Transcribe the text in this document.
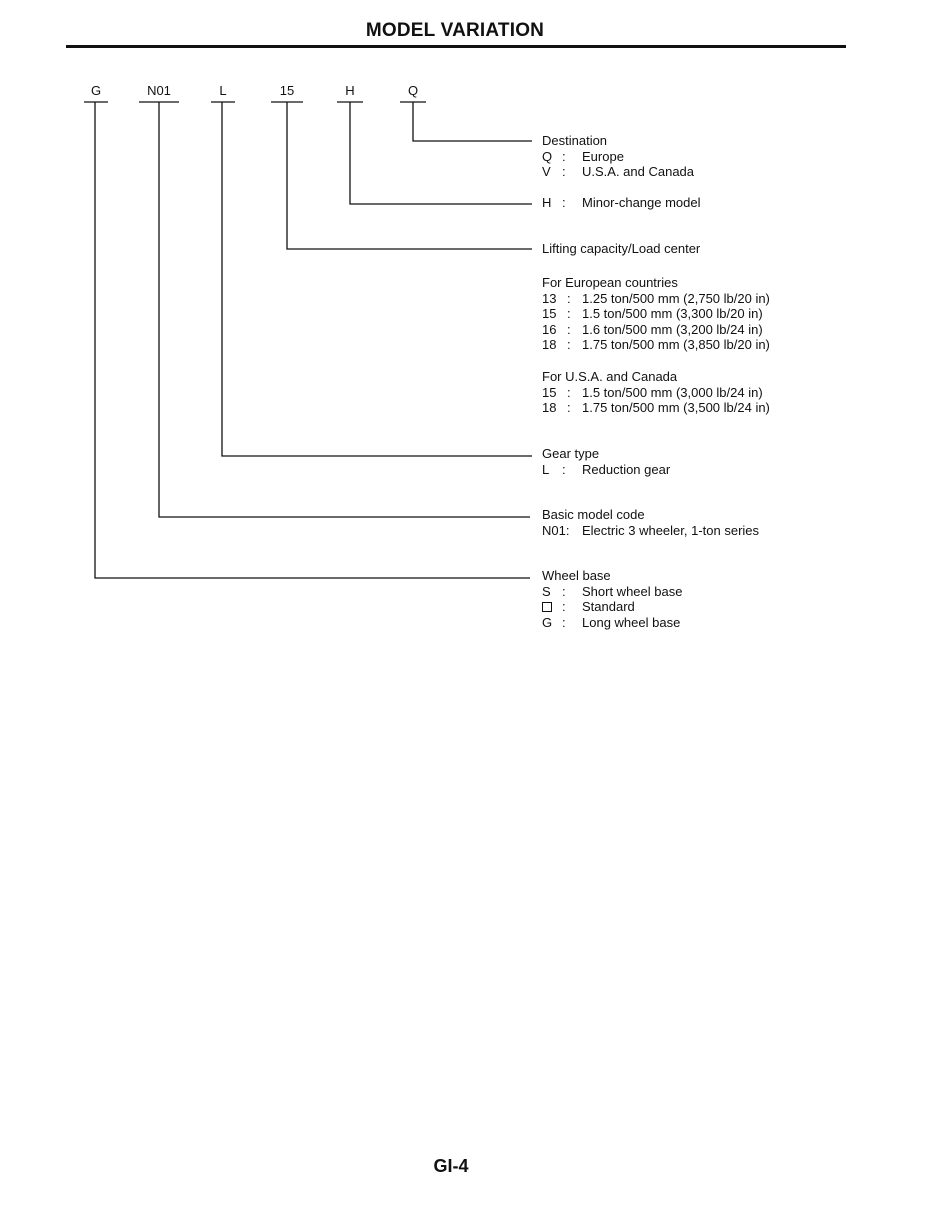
MODEL VARIATION
G	N01	L	15	H	Q
Destination
Q : Europe
V : U.S.A. and Canada
H : Minor-change model
Lifting capacity/Load center
For European countries
13 : 1.25 ton/500 mm (2,750 lb/20 in)
15 : 1.5 ton/500 mm (3,300 lb/20 in)
16 : 1.6 ton/500 mm (3,200 lb/24 in)
18 : 1.75 ton/500 mm (3,850 lb/20 in)
For U.S.A. and Canada
15 : 1.5 ton/500 mm (3,000 lb/24 in)
18 : 1.75 ton/500 mm (3,500 lb/24 in)
Gear type
L : Reduction gear
Basic model code
N01: Electric 3 wheeler, 1-ton series
Wheel base
S : Short wheel base
: Standard
G : Long wheel base
GI-4
